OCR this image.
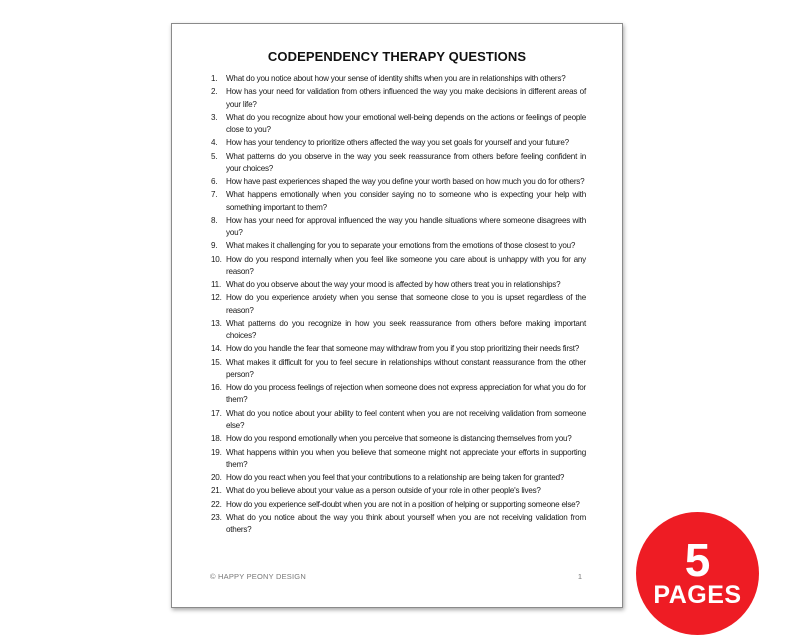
CODEPENDENCY THERAPY QUESTIONS
1. What do you notice about how your sense of identity shifts when you are in relationships with others?
2. How has your need for validation from others influenced the way you make decisions in different areas of your life?
3. What do you recognize about how your emotional well-being depends on the actions or feelings of people close to you?
4. How has your tendency to prioritize others affected the way you set goals for yourself and your future?
5. What patterns do you observe in the way you seek reassurance from others before feeling confident in your choices?
6. How have past experiences shaped the way you define your worth based on how much you do for others?
7. What happens emotionally when you consider saying no to someone who is expecting your help with something important to them?
8. How has your need for approval influenced the way you handle situations where someone disagrees with you?
9. What makes it challenging for you to separate your emotions from the emotions of those closest to you?
10. How do you respond internally when you feel like someone you care about is unhappy with you for any reason?
11. What do you observe about the way your mood is affected by how others treat you in relationships?
12. How do you experience anxiety when you sense that someone close to you is upset regardless of the reason?
13. What patterns do you recognize in how you seek reassurance from others before making important choices?
14. How do you handle the fear that someone may withdraw from you if you stop prioritizing their needs first?
15. What makes it difficult for you to feel secure in relationships without constant reassurance from the other person?
16. How do you process feelings of rejection when someone does not express appreciation for what you do for them?
17. What do you notice about your ability to feel content when you are not receiving validation from someone else?
18. How do you respond emotionally when you perceive that someone is distancing themselves from you?
19. What happens within you when you believe that someone might not appreciate your efforts in supporting them?
20. How do you react when you feel that your contributions to a relationship are being taken for granted?
21. What do you believe about your value as a person outside of your role in other people's lives?
22. How do you experience self-doubt when you are not in a position of helping or supporting someone else?
23. What do you notice about the way you think about yourself when you are not receiving validation from others?
© HAPPY PEONY DESIGN	1 5
PAGES
